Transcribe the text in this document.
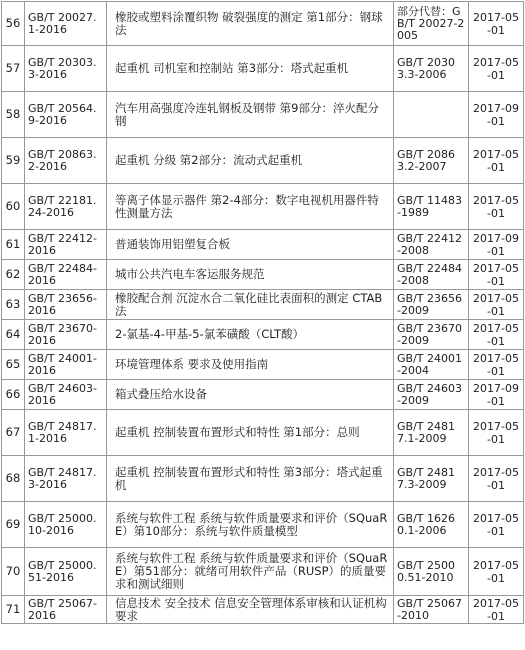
56	GB/T 20027.1-2016	橡胶或塑料涂覆织物 破裂强度的测定 第1部分：钢球法	部分代替：GB/T 20027-2005	2017-05-01
57	GB/T 20303.3-2016	起重机 司机室和控制站 第3部分：塔式起重机	GB/T 20303.3-2006	2017-05-01
58	GB/T 20564.9-2016	汽车用高强度冷连轧钢板及钢带 第9部分：淬火配分钢		2017-09-01
59	GB/T 20863.2-2016	起重机 分级 第2部分：流动式起重机	GB/T 20863.2-2007	2017-05-01
60	GB/T 22181.24-2016	等离子体显示器件 第2-4部分：数字电视机用器件特性测量方法	GB/T 11483-1989	2017-05-01
61	GB/T 22412-2016	普通装饰用铝塑复合板	GB/T 22412-2008	2017-09-01
62	GB/T 22484-2016	城市公共汽电车客运服务规范	GB/T 22484-2008	2017-05-01
63	GB/T 23656-2016	橡胶配合剂 沉淀水合二氧化硅比表面积的测定 CTAB法	GB/T 23656-2009	2017-05-01
64	GB/T 23670-2016	2-氯基-4-甲基-5-氯苯磺酸（CLT酸）	GB/T 23670-2009	2017-05-01
65	GB/T 24001-2016	环境管理体系 要求及使用指南	GB/T 24001-2004	2017-05-01
66	GB/T 24603-2016	箱式叠压给水设备	GB/T 24603-2009	2017-09-01
67	GB/T 24817.1-2016	起重机 控制装置布置形式和特性 第1部分：总则	GB/T 24817.1-2009	2017-05-01
68	GB/T 24817.3-2016	起重机 控制装置布置形式和特性 第3部分：塔式起重机	GB/T 24817.3-2009	2017-05-01
69	GB/T 25000.10-2016	系统与软件工程 系统与软件质量要求和评价（SQuaRE）第10部分：系统与软件质量模型	GB/T 16260.1-2006	2017-05-01
70	GB/T 25000.51-2016	系统与软件工程 系统与软件质量要求和评价（SQuaRE）第51部分：就绪可用软件产品（RUSP）的质量要求和测试细则	GB/T 25000.51-2010	2017-05-01
71	GB/T 25067-2016	信息技术 安全技术 信息安全管理体系审核和认证机构要求	GB/T 25067-2010	2017-05-01
